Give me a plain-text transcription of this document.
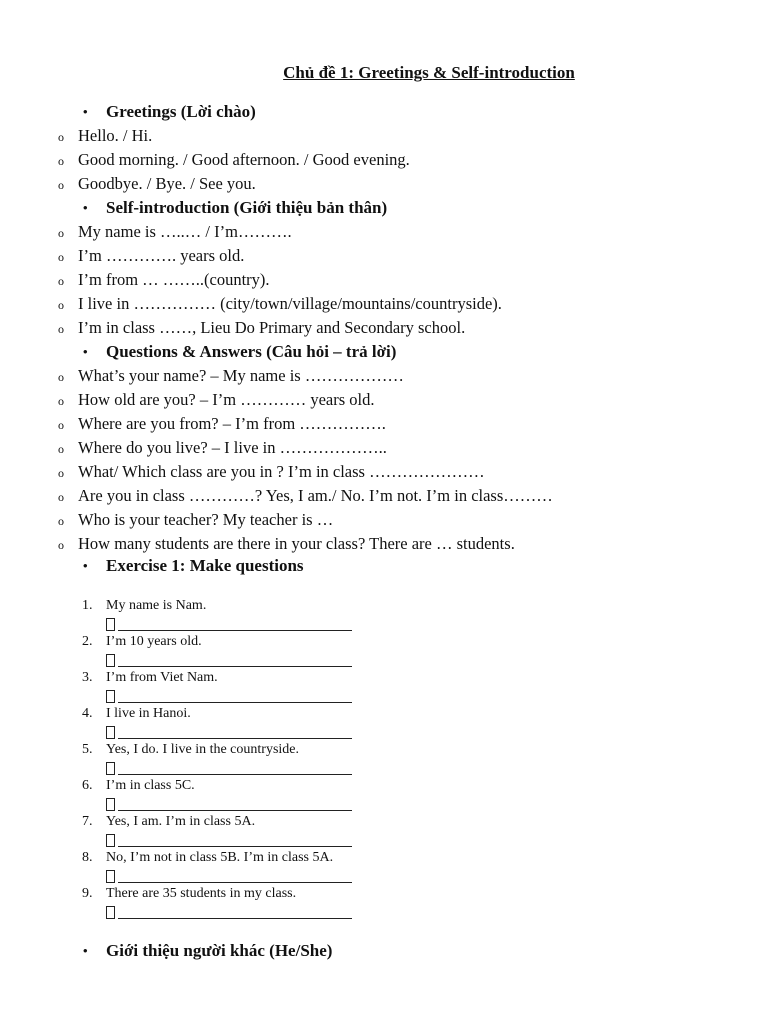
Chủ đề 1: Greetings & Self-introduction
• Greetings (Lời chào)
o Hello. / Hi.
o Good morning. / Good afternoon. / Good evening.
o Goodbye. / Bye. / See you.
• Self-introduction (Giới thiệu bản thân)
o My name is …..… / I’m……….
o I’m …………. years old.
o I’m from … ……..(country).
o I live in …………… (city/town/village/mountains/countryside).
o I’m in class ……, Lieu Do Primary and Secondary school.
• Questions & Answers (Câu hỏi – trả lời)
o What’s your name? – My name is ………………
o How old are you? – I’m ………… years old.
o Where are you from? – I’m from …………….
o Where do you live? – I live in ………………..
o What/ Which class are you in ? I’m in class …………………
o Are you in class …………? Yes, I am./ No. I’m not. I’m in class………
o Who is your teacher? My teacher is …
o How many students are there in your class? There are … students.
• Exercise 1: Make questions
1. My name is Nam.
2. I’m 10 years old.
3. I’m from Viet Nam.
4. I live in Hanoi.
5. Yes, I do. I live in the countryside.
6. I’m in class 5C.
7. Yes, I am. I’m in class 5A.
8. No, I’m not in class 5B. I’m in class 5A.
9. There are 35 students in my class.
• Giới thiệu người khác (He/She)
